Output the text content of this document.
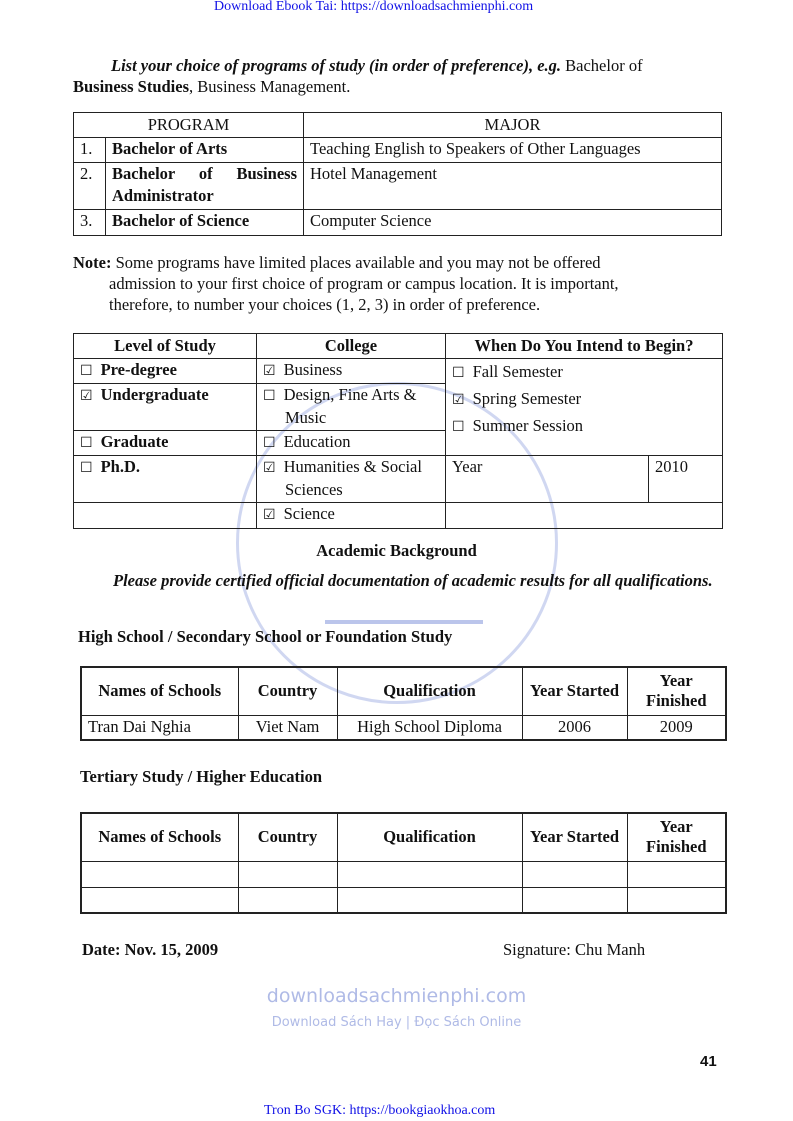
downloadsachmienphi.com
Download Sách Hay | Đọc Sách Online
Download Ebook Tai: https://downloadsachmienphi.com
List your choice of programs of study (in order of preference), e.g. Bachelor of
Business Studies, Business Management.
PROGRAM		MAJOR
1.	Bachelor of Arts	Teaching English to Speakers of Other Languages
2.	Bachelor of Business Administrator	Hotel Management
3.	Bachelor of Science	Computer Science
Note: Some programs have limited places available and you may not be offered
admission to your first choice of program or campus location. It is important,
therefore, to number your choices (1, 2, 3) in order of preference.
Level of Study	College	When Do You Intend to Begin?	
☐ Pre-degree	☑ Business	☐ Fall Semester
☑ Spring Semester
☐ Summer Session	

☑ Undergraduate	☐ Design, Fine Arts & Music		
☐ Graduate	☐ Education		
☐ Ph.D.	☑ Humanities & Social Sciences	Year	2010
	☑ Science		
Academic Background
Please provide certified official documentation of academic results for all qualifications.
High School / Secondary School or Foundation Study
Names of Schools	Country	Qualification	Year Started	Year Finished
Tran Dai Nghia	Viet Nam	High School Diploma	2006	2009
Tertiary Study / Higher Education
Names of Schools	Country	Qualification	Year Started	Year Finished

Date: Nov. 15, 2009	Signature: Chu Manh
41
Tron Bo SGK: https://bookgiaokhoa.com
